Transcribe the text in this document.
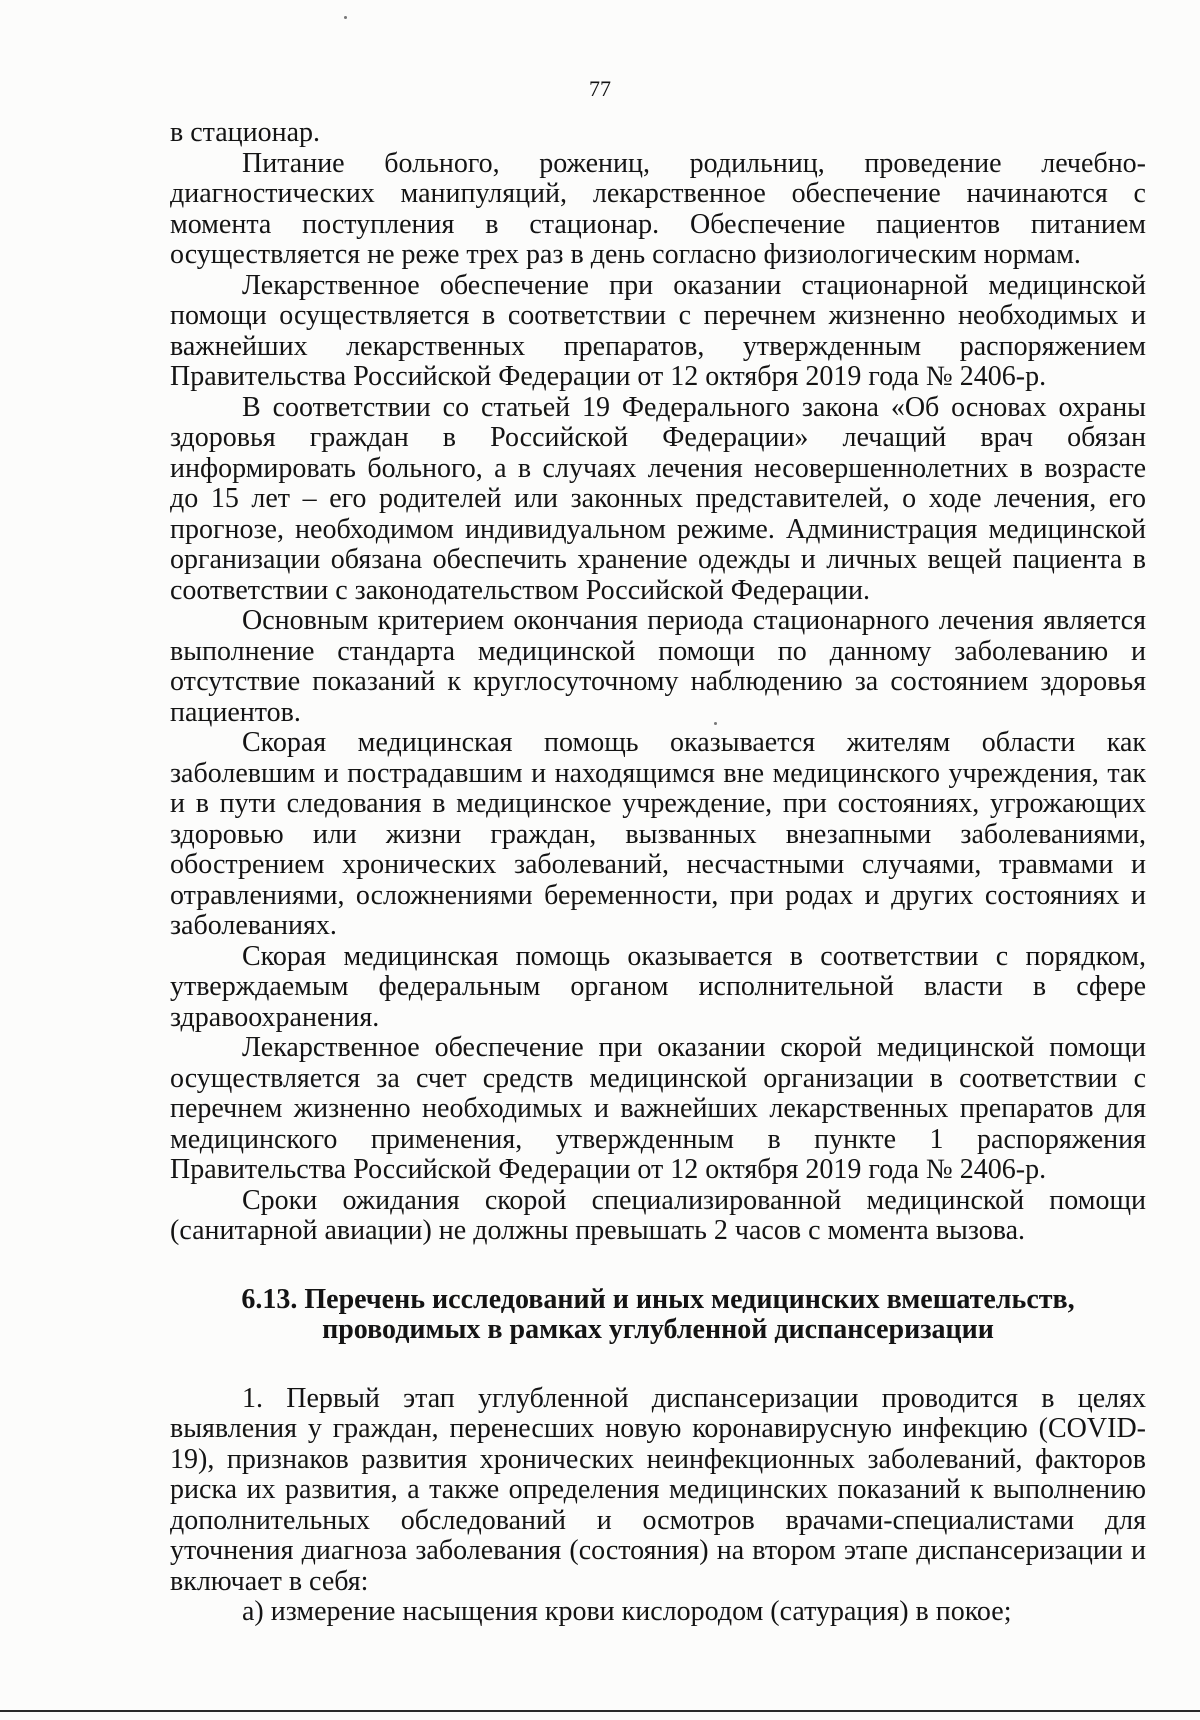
77

в стационар.

Питание больного, рожениц, родильниц, проведение лечебно-диагностических манипуляций, лекарственное обеспечение начинаются с момента поступления в стационар. Обеспечение пациентов питанием осуществляется не реже трех раз в день согласно физиологическим нормам.

Лекарственное обеспечение при оказании стационарной медицинской помощи осуществляется в соответствии с перечнем жизненно необходимых и важнейших лекарственных препаратов, утвержденным распоряжением Правительства Российской Федерации от 12 октября 2019 года № 2406-р.

В соответствии со статьей 19 Федерального закона «Об основах охраны здоровья граждан в Российской Федерации» лечащий врач обязан информировать больного, а в случаях лечения несовершеннолетних в возрасте до 15 лет – его родителей или законных представителей, о ходе лечения, его прогнозе, необходимом индивидуальном режиме. Администрация медицинской организации обязана обеспечить хранение одежды и личных вещей пациента в соответствии с законодательством Российской Федерации.

Основным критерием окончания периода стационарного лечения является выполнение стандарта медицинской помощи по данному заболеванию и отсутствие показаний к круглосуточному наблюдению за состоянием здоровья пациентов.

Скорая медицинская помощь оказывается жителям области как заболевшим и пострадавшим и находящимся вне медицинского учреждения, так и в пути следования в медицинское учреждение, при состояниях, угрожающих здоровью или жизни граждан, вызванных внезапными заболеваниями, обострением хронических заболеваний, несчастными случаями, травмами и отравлениями, осложнениями беременности, при родах и других состояниях и заболеваниях.

Скорая медицинская помощь оказывается в соответствии с порядком, утверждаемым федеральным органом исполнительной власти в сфере здравоохранения.

Лекарственное обеспечение при оказании скорой медицинской помощи осуществляется за счет средств медицинской организации в соответствии с перечнем жизненно необходимых и важнейших лекарственных препаратов для медицинского применения, утвержденным в пункте 1 распоряжения Правительства Российской Федерации от 12 октября 2019 года № 2406-р.

Сроки ожидания скорой специализированной медицинской помощи (санитарной авиации) не должны превышать 2 часов с момента вызова.

6.13. Перечень исследований и иных медицинских вмешательств,
проводимых в рамках углубленной диспансеризации

1. Первый этап углубленной диспансеризации проводится в целях выявления у граждан, перенесших новую коронавирусную инфекцию (COVID-19), признаков развития хронических неинфекционных заболеваний, факторов риска их развития, а также определения медицинских показаний к выполнению дополнительных обследований и осмотров врачами-специалистами для уточнения диагноза заболевания (состояния) на втором этапе диспансеризации и включает в себя:

а) измерение насыщения крови кислородом (сатурация) в покое;
